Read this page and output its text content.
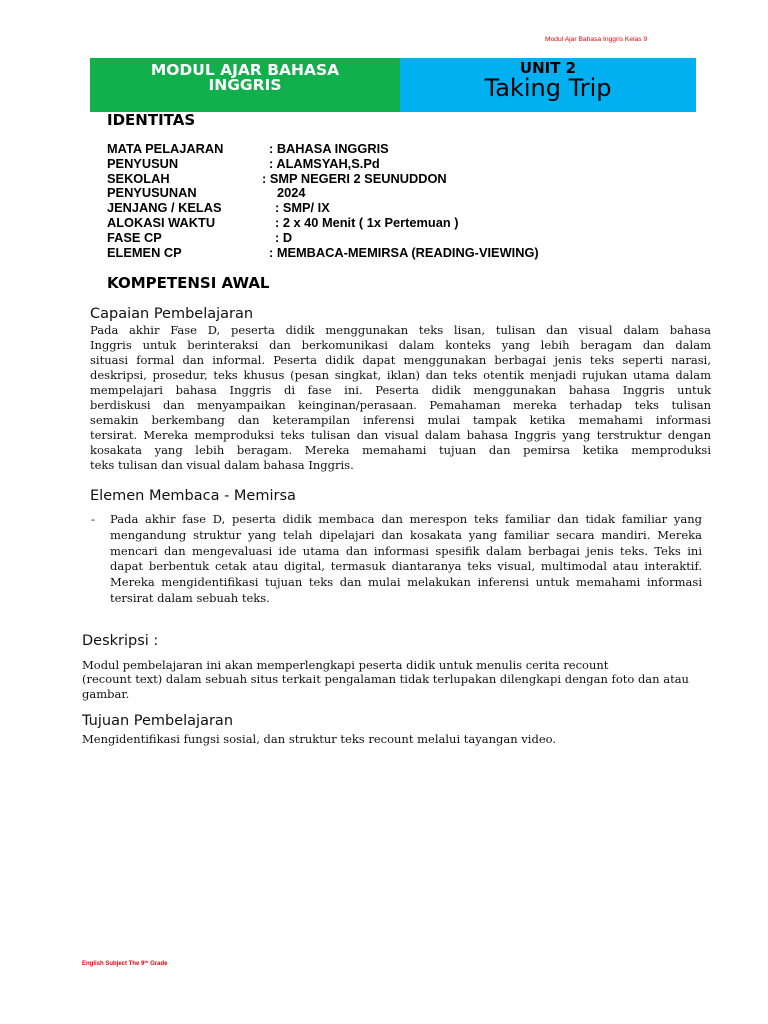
Modul Ajar Bahasa Inggris Kelas 9
MODUL AJAR BAHASA
INGGRIS
UNIT 2
Taking Trip
IDENTITAS
MATA PELAJARAN	: BAHASA INGGRIS
PENYUSUN	: ALAMSYAH,S.Pd
SEKOLAH	: SMP NEGERI 2 SEUNUDDON
PENYUSUNAN	2024
JENJANG / KELAS	: SMP/ IX
ALOKASI WAKTU	: 2 x 40 Menit ( 1x Pertemuan )
FASE CP	: D
ELEMEN CP	: MEMBACA-MEMIRSA (READING-VIEWING)
KOMPETENSI AWAL
Capaian Pembelajaran
Pada akhir Fase D, peserta didik menggunakan teks lisan, tulisan dan visual dalam bahasa
Inggris untuk berinteraksi dan berkomunikasi dalam konteks yang lebih beragam dan dalam
situasi formal dan informal. Peserta didik dapat menggunakan berbagai jenis teks seperti narasi,
deskripsi, prosedur, teks khusus (pesan singkat, iklan) dan teks otentik menjadi rujukan utama dalam
mempelajari bahasa Inggris di fase ini. Peserta didik menggunakan bahasa Inggris untuk
berdiskusi dan menyampaikan keinginan/perasaan. Pemahaman mereka terhadap teks tulisan
semakin berkembang dan keterampilan inferensi mulai tampak ketika memahami informasi
tersirat. Mereka memproduksi teks tulisan dan visual dalam bahasa Inggris yang terstruktur dengan
kosakata yang lebih beragam. Mereka memahami tujuan dan pemirsa ketika memproduksi
teks tulisan dan visual dalam bahasa Inggris.
Elemen Membaca - Memirsa
- Pada akhir fase D, peserta didik membaca dan merespon teks familiar dan tidak familiar yang
mengandung struktur yang telah dipelajari dan kosakata yang familiar secara mandiri. Mereka
mencari dan mengevaluasi ide utama dan informasi spesifik dalam berbagai jenis teks. Teks ini
dapat berbentuk cetak atau digital, termasuk diantaranya teks visual, multimodal atau interaktif.
Mereka mengidentifikasi tujuan teks dan mulai melakukan inferensi untuk memahami informasi
tersirat dalam sebuah teks.
Deskripsi :
Modul pembelajaran ini akan memperlengkapi peserta didik untuk menulis cerita recount
(recount text) dalam sebuah situs terkait pengalaman tidak terlupakan dilengkapi dengan foto dan atau
gambar.
Tujuan Pembelajaran
Mengidentifikasi fungsi sosial, dan struktur teks recount melalui tayangan video.
English Subject The 9th Grade
